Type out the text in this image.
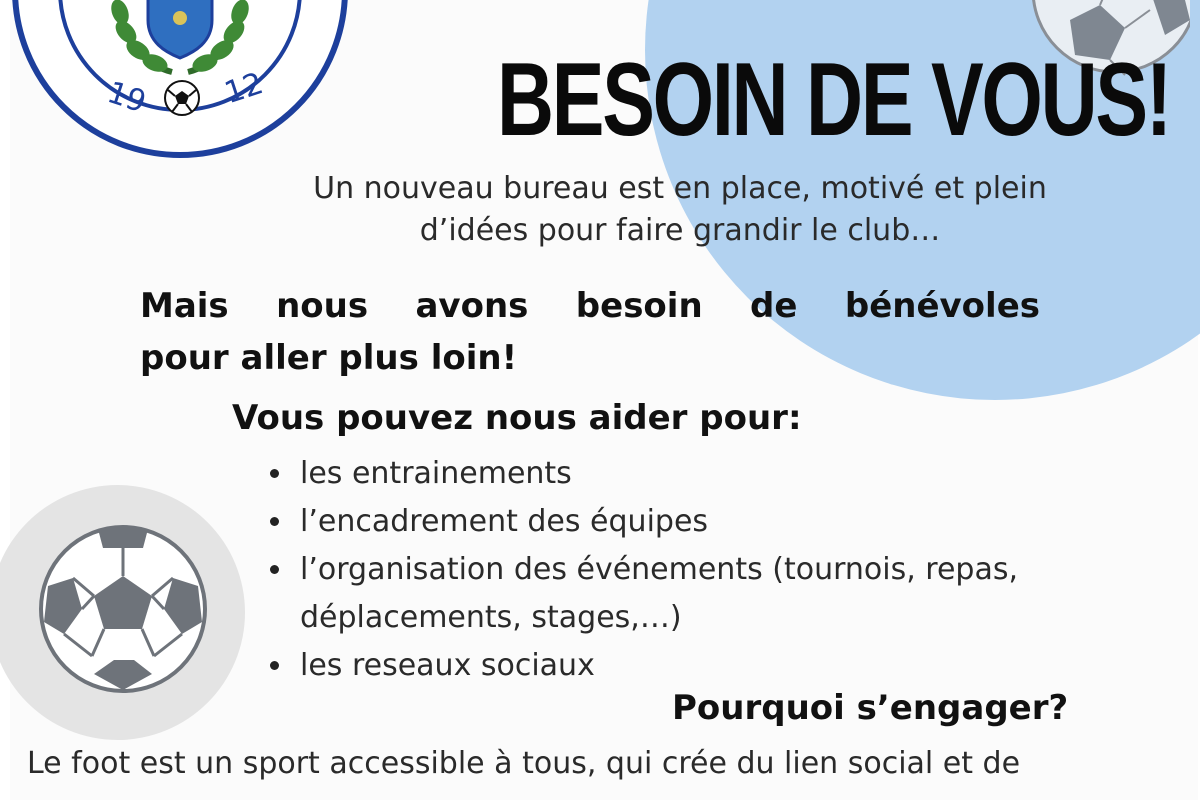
19 12 BESOIN DE VOUS!

Un nouveau bureau est en place, motivé et plein
d’idées pour faire grandir le club…

Mais nous avons besoin de bénévoles
pour aller plus loin!

Vous pouvez nous aider pour:
les entrainements
l’encadrement des équipes
l’organisation des événements (tournois, repas,
déplacements, stages,…)
les reseaux sociaux
Pourquoi s’engager?

Le foot est un sport accessible à tous, qui crée du lien social et de
